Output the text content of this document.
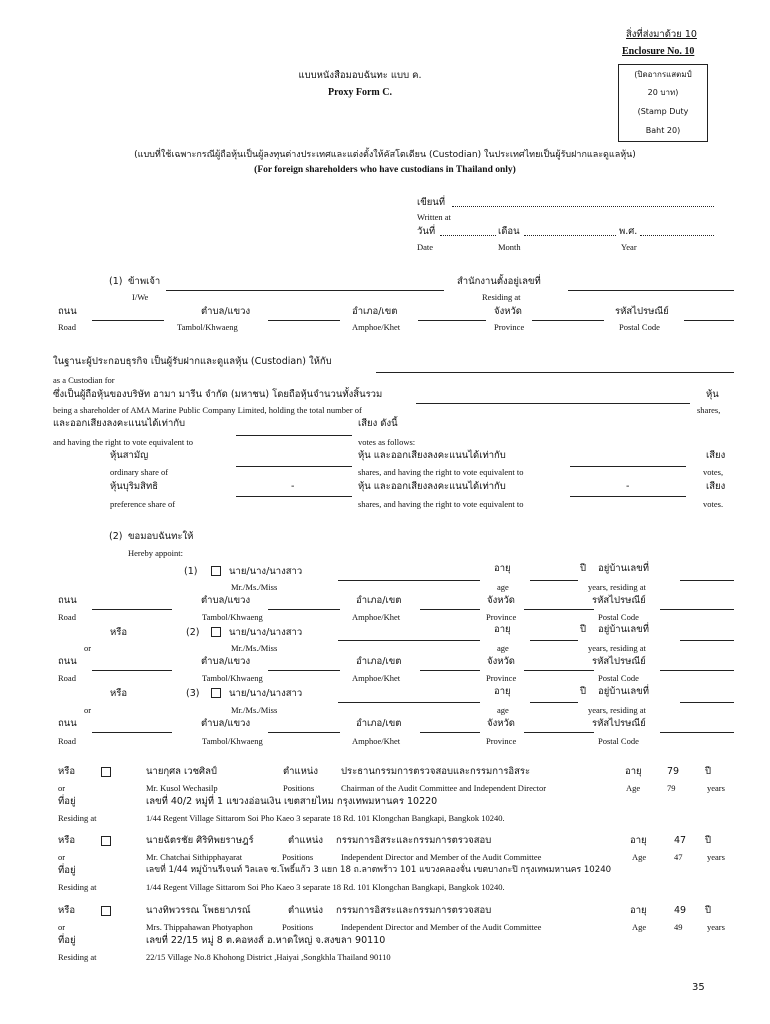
สิ่งที่ส่งมาด้วย 10
Enclosure No. 10
แบบหนังสือมอบฉันทะ แบบ ค.
Proxy Form C.
(ปิดอากรแสตมป์
20 บาท)
(Stamp Duty
Baht 20)
(แบบที่ใช้เฉพาะกรณีผู้ถือหุ้นเป็นผู้ลงทุนต่างประเทศและแต่งตั้งให้คัสโตเดียน (Custodian) ในประเทศไทยเป็นผู้รับฝากและดูแลหุ้น)
(For foreign shareholders who have custodians in Thailand only)
เขียนที่
Written at
วันที่	เดือน	พ.ศ.
Date	Month	Year
(1) ข้าพเจ้า
I/We
สำนักงานตั้งอยู่เลขที่
Residing at
ถนน	ตำบล/แขวง	อำเภอ/เขต	จังหวัด	รหัสไปรษณีย์
Road	Tambol/Khwaeng	Amphoe/Khet	Province	Postal Code
ในฐานะผู้ประกอบธุรกิจ เป็นผู้รับฝากและดูแลหุ้น (Custodian) ให้กับ
as a Custodian for
ซึ่งเป็นผู้ถือหุ้นของบริษัท อามา มารีน จำกัด (มหาชน) โดยถือหุ้นจำนวนทั้งสิ้นรวม	หุ้น
being a shareholder of AMA Marine Public Company Limited, holding the total number of	shares,
และออกเสียงลงคะแนนได้เท่ากับ	เสียง ดังนี้
and having the right to vote equivalent to	votes as follows:
หุ้นสามัญ	หุ้น และออกเสียงลงคะแนนได้เท่ากับ	เสียง
ordinary share of	shares, and having the right to vote equivalent to	votes,
หุ้นบุริมสิทธิ	-	หุ้น และออกเสียงลงคะแนนได้เท่ากับ	-	เสียง
preference share of	shares, and having the right to vote equivalent to	votes.
(2) ขอมอบฉันทะให้
Hereby appoint:
(1)	นาย/นาง/นางสาว	อายุ	ปี อยู่บ้านเลขที่
Mr./Ms./Miss	age	years, residing at
ถนน	ตำบล/แขวง	อำเภอ/เขต	จังหวัด	รหัสไปรษณีย์
Road	Tambol/Khwaeng	Amphoe/Khet	Province	Postal Code
หรือ	(2)	นาย/นาง/นางสาว	อายุ	ปี อยู่บ้านเลขที่
or	Mr./Ms./Miss	age	years, residing at
ถนน	ตำบล/แขวง	อำเภอ/เขต	จังหวัด	รหัสไปรษณีย์
Road	Tambol/Khwaeng	Amphoe/Khet	Province	Postal Code
หรือ	(3)	นาย/นาง/นางสาว	อายุ	ปี อยู่บ้านเลขที่
or	Mr./Ms./Miss	age	years, residing at
ถนน	ตำบล/แขวง	อำเภอ/เขต	จังหวัด	รหัสไปรษณีย์
Road	Tambol/Khwaeng	Amphoe/Khet	Province	Postal Code
หรือ	นายกุศล เวชศิลป์	ตำแหน่ง ประธานกรรมการตรวจสอบและกรรมการอิสระ	อายุ	79	ปี
or	Mr. Kusol Wechasilp	Positions	Chairman of the Audit Committee and Independent Director	Age	79	years
ที่อยู่	เลขที่ 40/2 หมู่ที่ 1 แขวงอ่อนเงิน เขตสายไหม กรุงเทพมหานคร 10220
Residing at	1/44 Regent Village Sittarom Soi Pho Kaeo 3 separate 18 Rd. 101 Klongchan Bangkapi, Bangkok 10240.
หรือ	นายฉัตรชัย ศิริทิพยราษฎร์	ตำแหน่ง กรรมการอิสระและกรรมการตรวจสอบ	อายุ	47 ปี
or	Mr. Chatchai Sithipphayarat	Positions	Independent Director and Member of the Audit Committee	Age	47	years
ที่อยู่	เลขที่ 1/44 หมู่บ้านรีเจนท์ วิลเลจ ซ.โพธิ์แก้ว 3 แยก 18 ถ.ลาดพร้าว 101 แขวงคลองจั่น เขตบางกะปิ กรุงเทพมหานคร 10240
Residing at	1/44 Regent Village Sittarom Soi Pho Kaeo 3 separate 18 Rd. 101 Klongchan Bangkapi, Bangkok 10240.
หรือ	นางทิพวรรณ โพธยาภรณ์	ตำแหน่ง กรรมการอิสระและกรรมการตรวจสอบ	อายุ	49 ปี
or	Mrs. Thippahawan Photyaphon	Positions	Independent Director and Member of the Audit Committee	Age	49	years
ที่อยู่	เลขที่ 22/15 หมู่ 8 ต.คอหงส์ อ.หาดใหญ่ จ.สงขลา 90110
Residing at	22/15 Village No.8 Khohong District ,Haiyai ,Songkhla Thailand 90110
35
